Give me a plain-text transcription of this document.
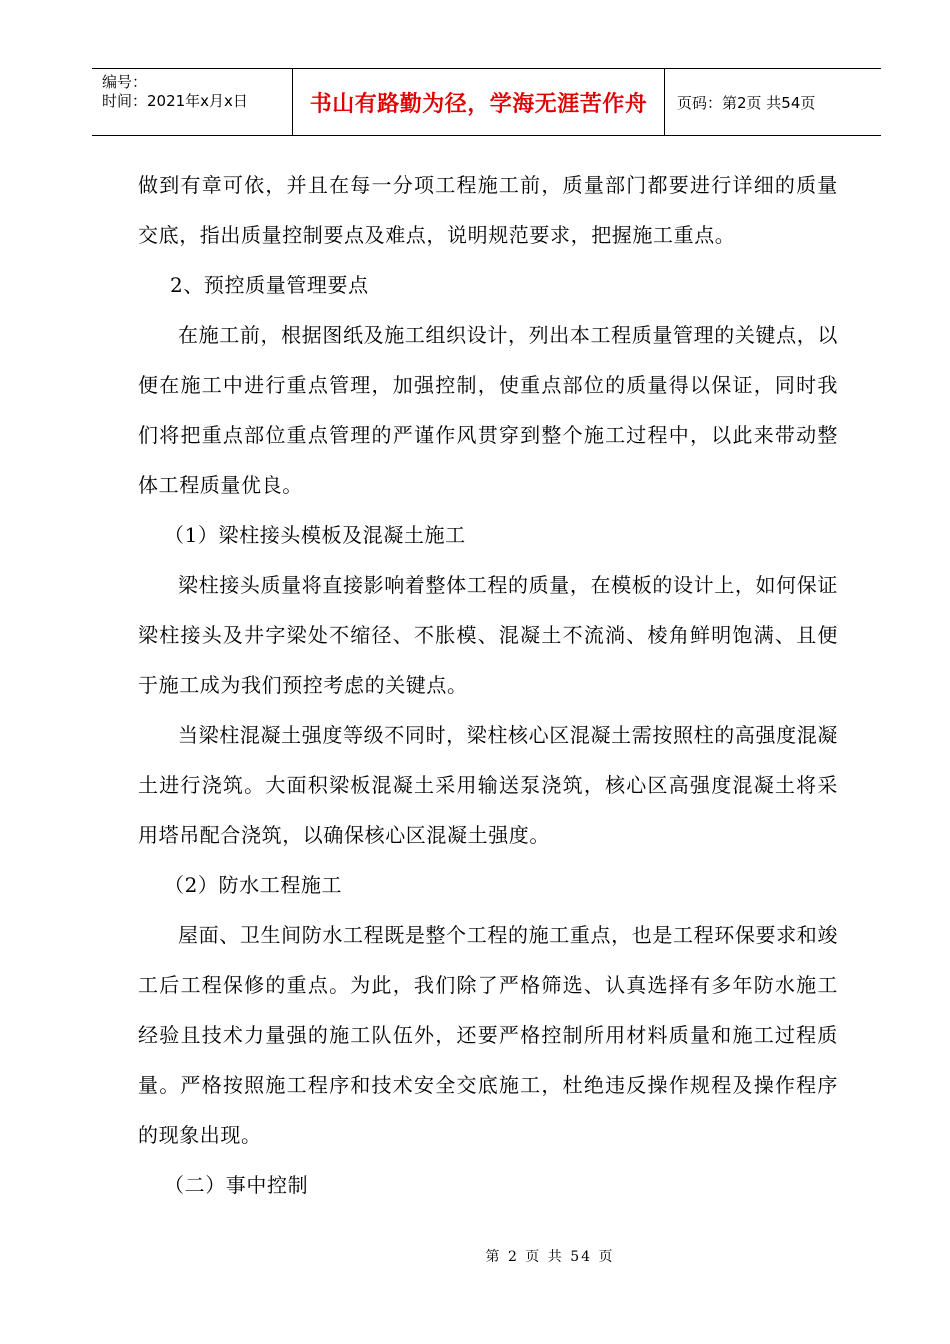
编号：
时间：2021年x月x日	书山有路勤为径，学海无涯苦作舟	页码：第2页 共54页

做到有章可依，并且在每一分项工程施工前，质量部门都要进行详细的质量交底，指出质量控制要点及难点，说明规范要求，把握施工重点。

2、预控质量管理要点

在施工前，根据图纸及施工组织设计，列出本工程质量管理的关键点，以便在施工中进行重点管理，加强控制，使重点部位的质量得以保证，同时我们将把重点部位重点管理的严谨作风贯穿到整个施工过程中，以此来带动整体工程质量优良。

（1）梁柱接头模板及混凝土施工

梁柱接头质量将直接影响着整体工程的质量，在模板的设计上，如何保证梁柱接头及井字梁处不缩径、不胀模、混凝土不流淌、棱角鲜明饱满、且便于施工成为我们预控考虑的关键点。

当梁柱混凝土强度等级不同时，梁柱核心区混凝土需按照柱的高强度混凝土进行浇筑。大面积梁板混凝土采用输送泵浇筑，核心区高强度混凝土将采用塔吊配合浇筑，以确保核心区混凝土强度。

（2）防水工程施工

屋面、卫生间防水工程既是整个工程的施工重点，也是工程环保要求和竣工后工程保修的重点。为此，我们除了严格筛选、认真选择有多年防水施工经验且技术力量强的施工队伍外，还要严格控制所用材料质量和施工过程质量。严格按照施工程序和技术安全交底施工，杜绝违反操作规程及操作程序的现象出现。

（二）事中控制

第 2 页 共 54 页
